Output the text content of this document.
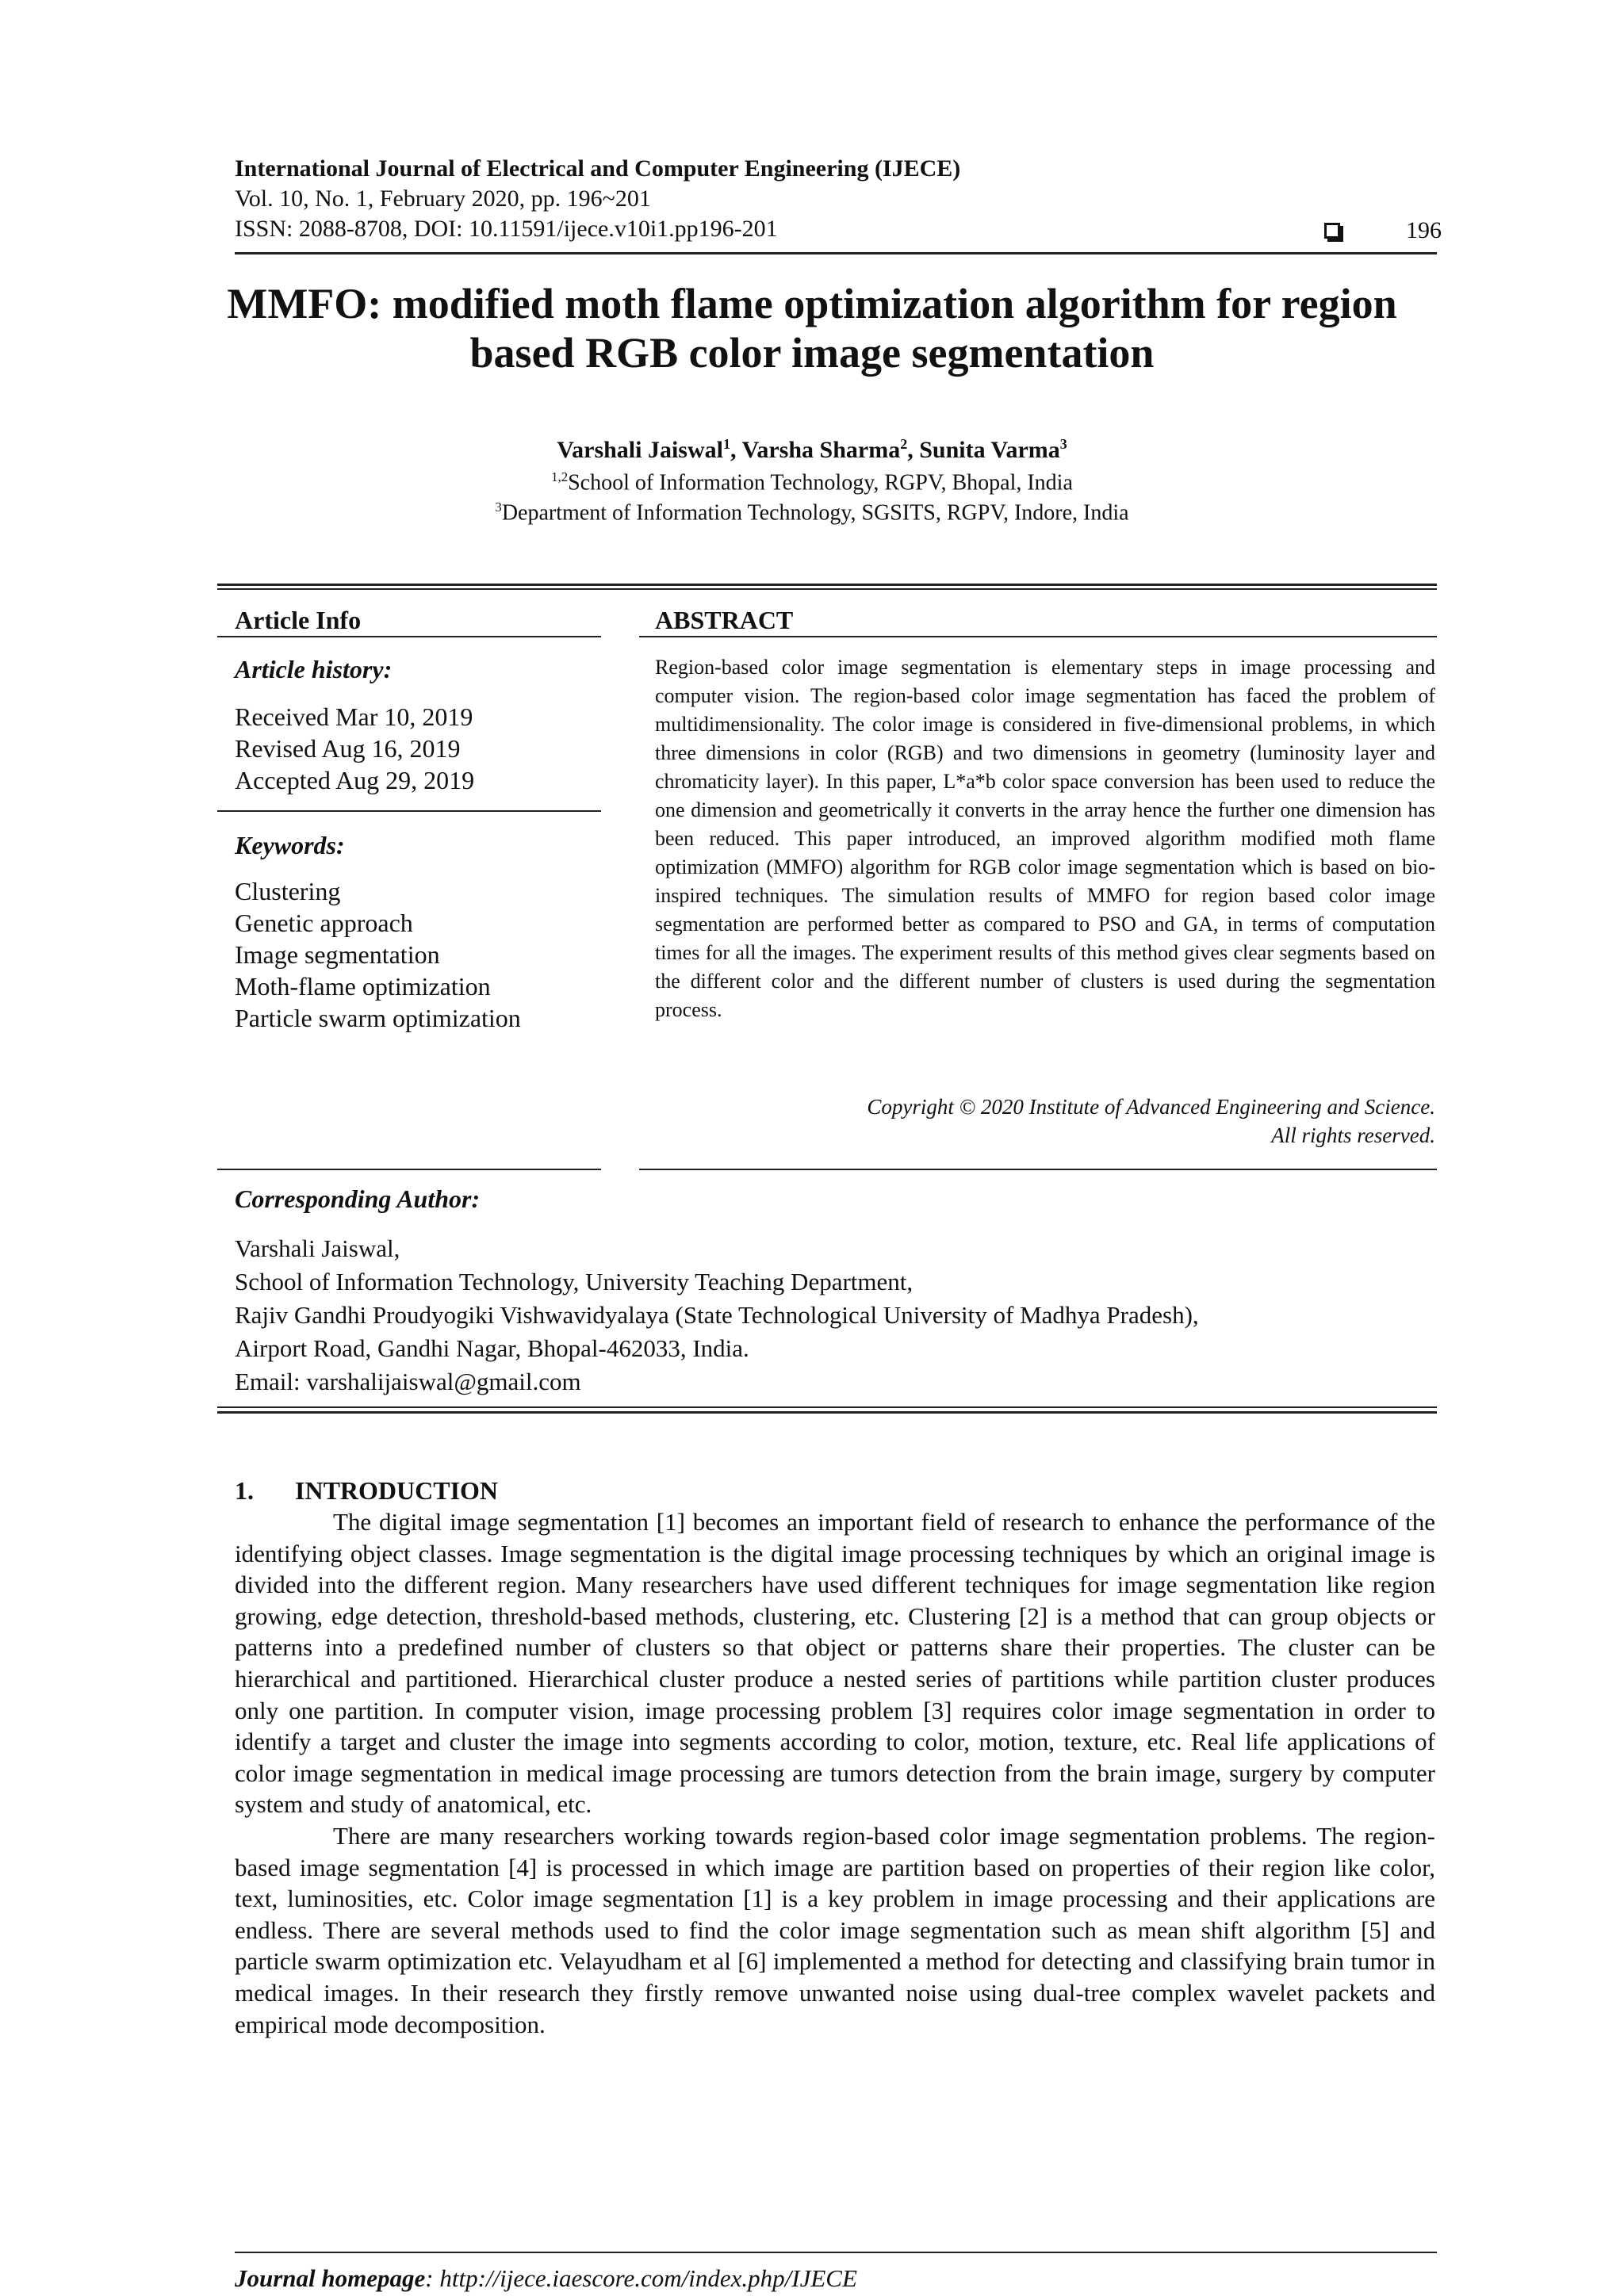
International Journal of Electrical and Computer Engineering (IJECE)
Vol. 10, No. 1, February 2020, pp. 196~201
ISSN: 2088-8708, DOI: 10.11591/ijece.v10i1.pp196-201	196
MMFO: modified moth flame optimization algorithm for region
based RGB color image segmentation
Varshali Jaiswal$^1$, Varsha Sharma$^2$, Sunita Varma$^3$
$^{1,2}$School of Information Technology, RGPV, Bhopal, India
$^3$Department of Information Technology, SGSITS, RGPV, Indore, India
Article Info
Article history:
Received Mar 10, 2019
Revised Aug 16, 2019
Accepted Aug 29, 2019
Keywords:
Clustering
Genetic approach
Image segmentation
Moth-flame optimization
Particle swarm optimization
ABSTRACT
Region-based color image segmentation is elementary steps in image processing and computer vision. The region-based color image segmentation has faced the problem of multidimensionality. The color image is considered in five-dimensional problems, in which three dimensions in color (RGB) and two dimensions in geometry (luminosity layer and chromaticity layer). In this paper, L*a*b color space conversion has been used to reduce the one dimension and geometrically it converts in the array hence the further one dimension has been reduced. This paper introduced, an improved algorithm modified moth flame optimization (MMFO) algorithm for RGB color image segmentation which is based on bio-inspired techniques. The simulation results of MMFO for region based color image segmentation are performed better as compared to PSO and GA, in terms of computation times for all the images. The experiment results of this method gives clear segments based on the different color and the different number of clusters is used during the segmentation process.
Copyright © 2020 Institute of Advanced Engineering and Science.
All rights reserved.
Corresponding Author:
Varshali Jaiswal,
School of Information Technology, University Teaching Department,
Rajiv Gandhi Proudyogiki Vishwavidyalaya (State Technological University of Madhya Pradesh),
Airport Road, Gandhi Nagar, Bhopal-462033, India.
Email: varshalijaiswal@gmail.com
1. INTRODUCTION

The digital image segmentation [1] becomes an important field of research to enhance the performance of the identifying object classes. Image segmentation is the digital image processing techniques by which an original image is divided into the different region. Many researchers have used different techniques for image segmentation like region growing, edge detection, threshold-based methods, clustering, etc. Clustering [2] is a method that can group objects or patterns into a predefined number of clusters so that object or patterns share their properties. The cluster can be hierarchical and partitioned. Hierarchical cluster produce a nested series of partitions while partition cluster produces only one partition. In computer vision, image processing problem [3] requires color image segmentation in order to identify a target and cluster the image into segments according to color, motion, texture, etc. Real life applications of color image segmentation in medical image processing are tumors detection from the brain image, surgery by computer system and study of anatomical, etc.

There are many researchers working towards region-based color image segmentation problems. The region-based image segmentation [4] is processed in which image are partition based on properties of their region like color, text, luminosities, etc. Color image segmentation [1] is a key problem in image processing and their applications are endless. There are several methods used to find the color image segmentation such as mean shift algorithm [5] and particle swarm optimization etc. Velayudham et al [6] implemented a method for detecting and classifying brain tumor in medical images. In their research they firstly remove unwanted noise using dual-tree complex wavelet packets and empirical mode decomposition.

Journal homepage: http://ijece.iaescore.com/index.php/IJECE
